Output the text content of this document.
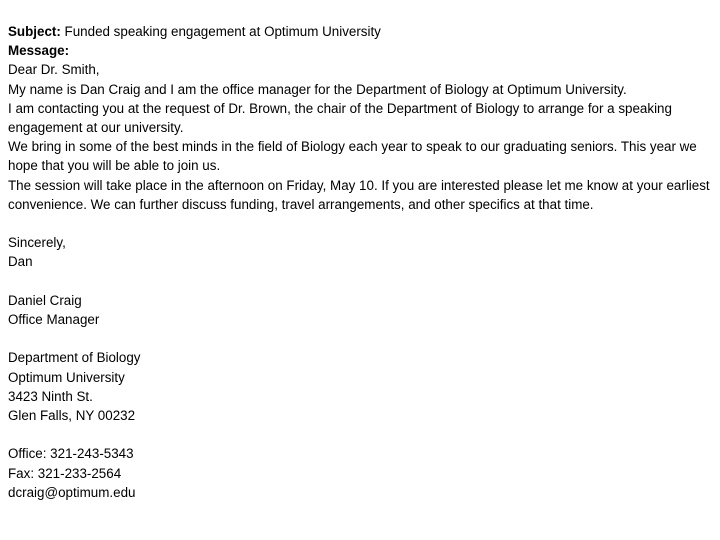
Subject: Funded speaking engagement at Optimum University
Message:
Dear Dr. Smith,
My name is Dan Craig and I am the office manager for the Department of Biology at Optimum University.
I am contacting you at the request of Dr. Brown, the chair of the Department of Biology to arrange for a speaking engagement at our university.
We bring in some of the best minds in the field of Biology each year to speak to our graduating seniors. This year we hope that you will be able to join us.
The session will take place in the afternoon on Friday, May 10. If you are interested please let me know at your earliest convenience. We can further discuss funding, travel arrangements, and other specifics at that time.
Sincerely,
Dan
Daniel Craig
Office Manager
Department of Biology
Optimum University
3423 Ninth St.
Glen Falls, NY 00232
Office: 321-243-5343
Fax: 321-233-2564
dcraig@optimum.edu
